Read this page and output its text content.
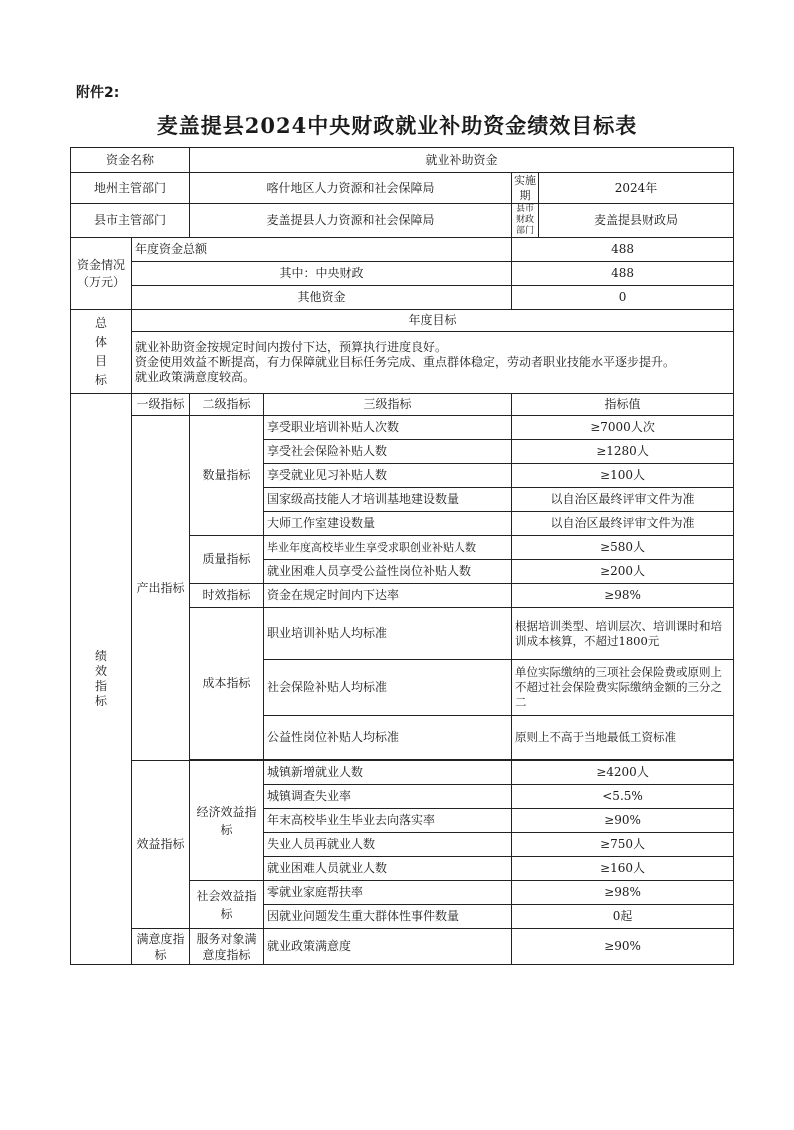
附件2:
麦盖提县2024中央财政就业补助资金绩效目标表
资金名称		就业补助资金			
地州主管部门		喀什地区人力资源和社会保障局		实施期	2024年
县市主管部门		麦盖提县人力资源和社会保障局		县市财政部门	麦盖提县财政局
资金情况（万元）	年度资金总额			488	
	其中：中央财政			488	
	其他资金			0	
总体目标	年度目标				

	就业补助资金按规定时间内拨付下达，预算执行进度良好。
资金使用效益不断提高，有力保障就业目标任务完成、重点群体稳定，劳动者职业技能水平逐步提升。
就业政策满意度较高。				

绩效指标	一级指标	二级指标	三级指标	指标值	
	产出指标	数量指标	享受职业培训补贴人次数	≥7000人次	
			享受社会保险补贴人数	≥1280人	
			享受就业见习补贴人数	≥100人	
			国家级高技能人才培训基地建设数量	以自治区最终评审文件为准	
			大师工作室建设数量	以自治区最终评审文件为准	
		质量指标	毕业年度高校毕业生享受求职创业补贴人数	≥580人	
			就业困难人员享受公益性岗位补贴人数	≥200人	
		时效指标	资金在规定时间内下达率	≥98%	
		成本指标	职业培训补贴人均标准	根据培训类型、培训层次、培训课时和培训成本核算，不超过1800元	
			社会保险补贴人均标准	单位实际缴纳的三项社会保险费或原则上不超过社会保险费实际缴纳金额的三分之二	
			公益性岗位补贴人均标准	原则上不高于当地最低工资标准	

	效益指标	经济效益指标	城镇新增就业人数	≥4200人	
			城镇调查失业率	<5.5%	
			年末高校毕业生毕业去向落实率	≥90%	
			失业人员再就业人数	≥750人	
			就业困难人员就业人数	≥160人	
		社会效益指标	零就业家庭帮扶率	≥98%	
			因就业问题发生重大群体性事件数量	0起	
	满意度指标	服务对象满意度指标	就业政策满意度	≥90%	
